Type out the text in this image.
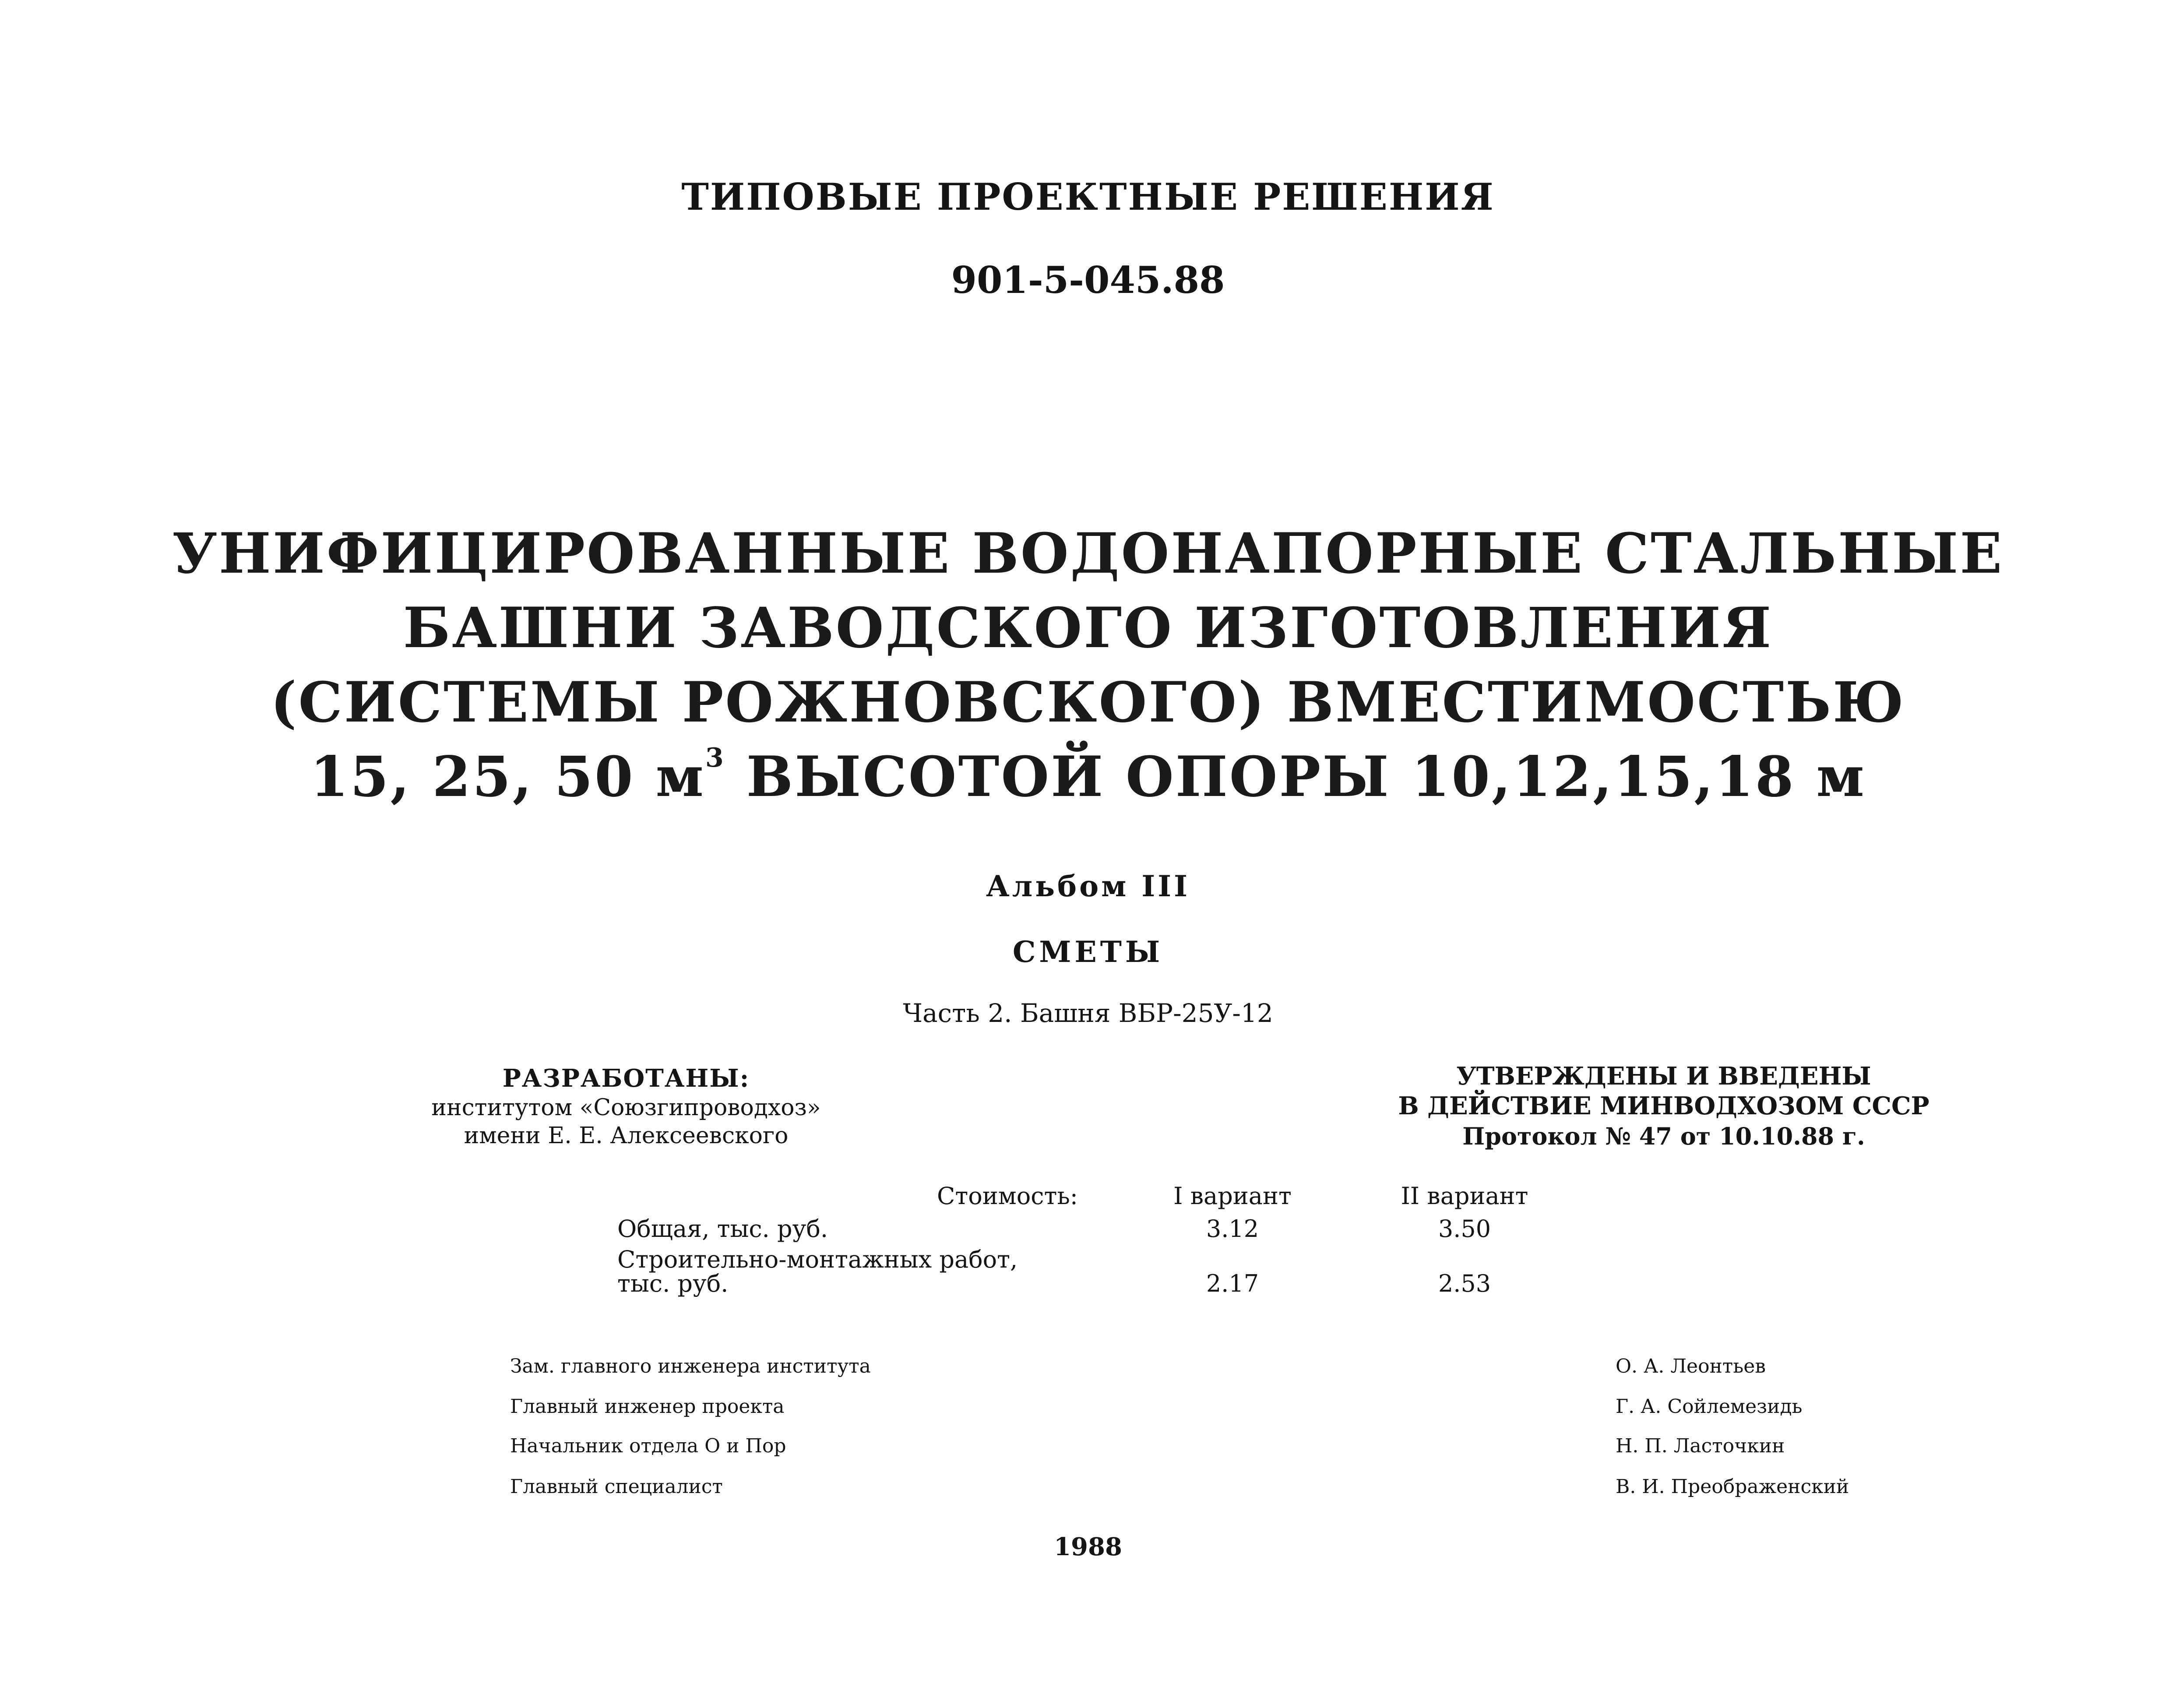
ТИПОВЫЕ ПРОЕКТНЫЕ РЕШЕНИЯ
901-5-045.88
УНИФИЦИРОВАННЫЕ ВОДОНАПОРНЫЕ СТАЛЬНЫЕ
БАШНИ ЗАВОДСКОГО ИЗГОТОВЛЕНИЯ
(СИСТЕМЫ РОЖНОВСКОГО) ВМЕСТИМОСТЬЮ
15, 25, 50 $м^3$ ВЫСОТОЙ ОПОРЫ 10,12,15,18 м
Альбом III
СМЕТЫ
Часть 2. Башня ВБР-25У-12
РАЗРАБОТАНЫ:
институтом «Союзгипроводхоз»
имени Е. Е. Алексеевского
УТВЕРЖДЕНЫ И ВВЕДЕНЫ
В ДЕЙСТВИЕ МИНВОДХОЗОМ СССР
Протокол № 47 от 10.10.88 г.
Стоимость:	I вариант	II вариант
Общая, тыс. руб.	3.12	3.50
Строительно-монтажных работ,
тыс. руб.	2.17	2.53
Зам. главного инженера института	О. А. Леонтьев
Главный инженер проекта	Г. А. Сойлемезидь
Начальник отдела О и Пор	Н. П. Ласточкин
Главный специалист	В. И. Преображенский
1988
